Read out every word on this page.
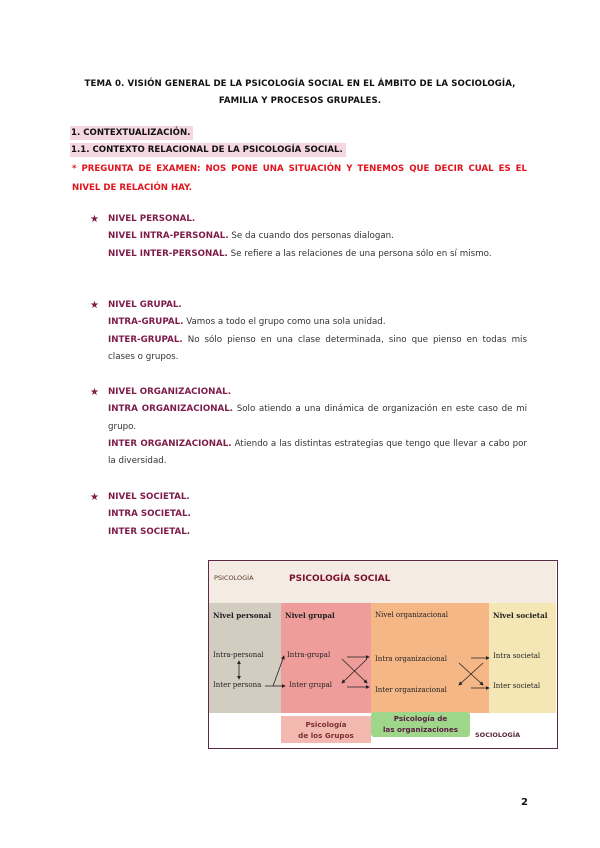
TEMA 0. VISIÓN GENERAL DE LA PSICOLOGÍA SOCIAL EN EL ÁMBITO DE LA SOCIOLOGÍA,
FAMILIA Y PROCESOS GRUPALES.
1. CONTEXTUALIZACIÓN.
1.1. CONTEXTO RELACIONAL DE LA PSICOLOGÍA SOCIAL.
* PREGUNTA DE EXAMEN: NOS PONE UNA SITUACIÓN Y TENEMOS QUE DECIR CUAL ES EL NIVEL DE RELACIÓN HAY.
★ NIVEL PERSONAL.
NIVEL INTRA-PERSONAL. Se da cuando dos personas dialogan.
NIVEL INTER-PERSONAL. Se refiere a las relaciones de una persona sólo en sí mismo.
★ NIVEL GRUPAL.
INTRA-GRUPAL. Vamos a todo el grupo como una sola unidad.
INTER-GRUPAL. No sólo pienso en una clase determinada, sino que pienso en todas mis clases o grupos.
★ NIVEL ORGANIZACIONAL.
INTRA ORGANIZACIONAL. Solo atiendo a una dinámica de organización en este caso de mi grupo.
INTER ORGANIZACIONAL. Atiendo a las distintas estrategias que tengo que llevar a cabo por la diversidad.
★ NIVEL SOCIETAL.
INTRA SOCIETAL.
INTER SOCIETAL.
PSICOLOGÍA	PSICOLOGÍA SOCIAL
Nivel personal
Intra-personal
Inter persona
Nivel grupal
Intra-grupal
Inter grupal
Nivel organizacional
Intra organizacional
Inter organizacional
Nivel societal
Intra societal
Inter societal
Psicología
de los Grupos
Psicología de
las organizaciones
SOCIOLOGÍA
2
